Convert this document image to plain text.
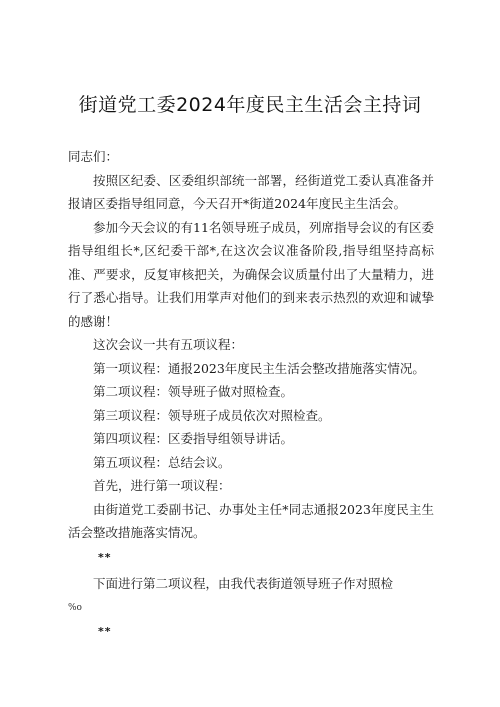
街道党工委2024年度民主生活会主持词

同志们：

按照区纪委、区委组织部统一部署，经街道党工委认真准备并报请区委指导组同意，今天召开*街道2024年度民主生活会。

参加今天会议的有11名领导班子成员，列席指导会议的有区委指导组组长*,区纪委干部*,在这次会议准备阶段,指导组坚持高标准、严要求，反复审核把关，为确保会议质量付出了大量精力，进行了悉心指导。让我们用掌声对他们的到来表示热烈的欢迎和诚挚的感谢！

这次会议一共有五项议程：

第一项议程：通报2023年度民主生活会整改措施落实情况。

第二项议程：领导班子做对照检查。

第三项议程：领导班子成员依次对照检查。

第四项议程：区委指导组领导讲话。

第五项议程：总结会议。

首先，进行第一项议程：

由街道党工委副书记、办事处主任*同志通报2023年度民主生活会整改措施落实情况。

**

下面进行第二项议程，由我代表街道领导班子作对照检

%o

**
